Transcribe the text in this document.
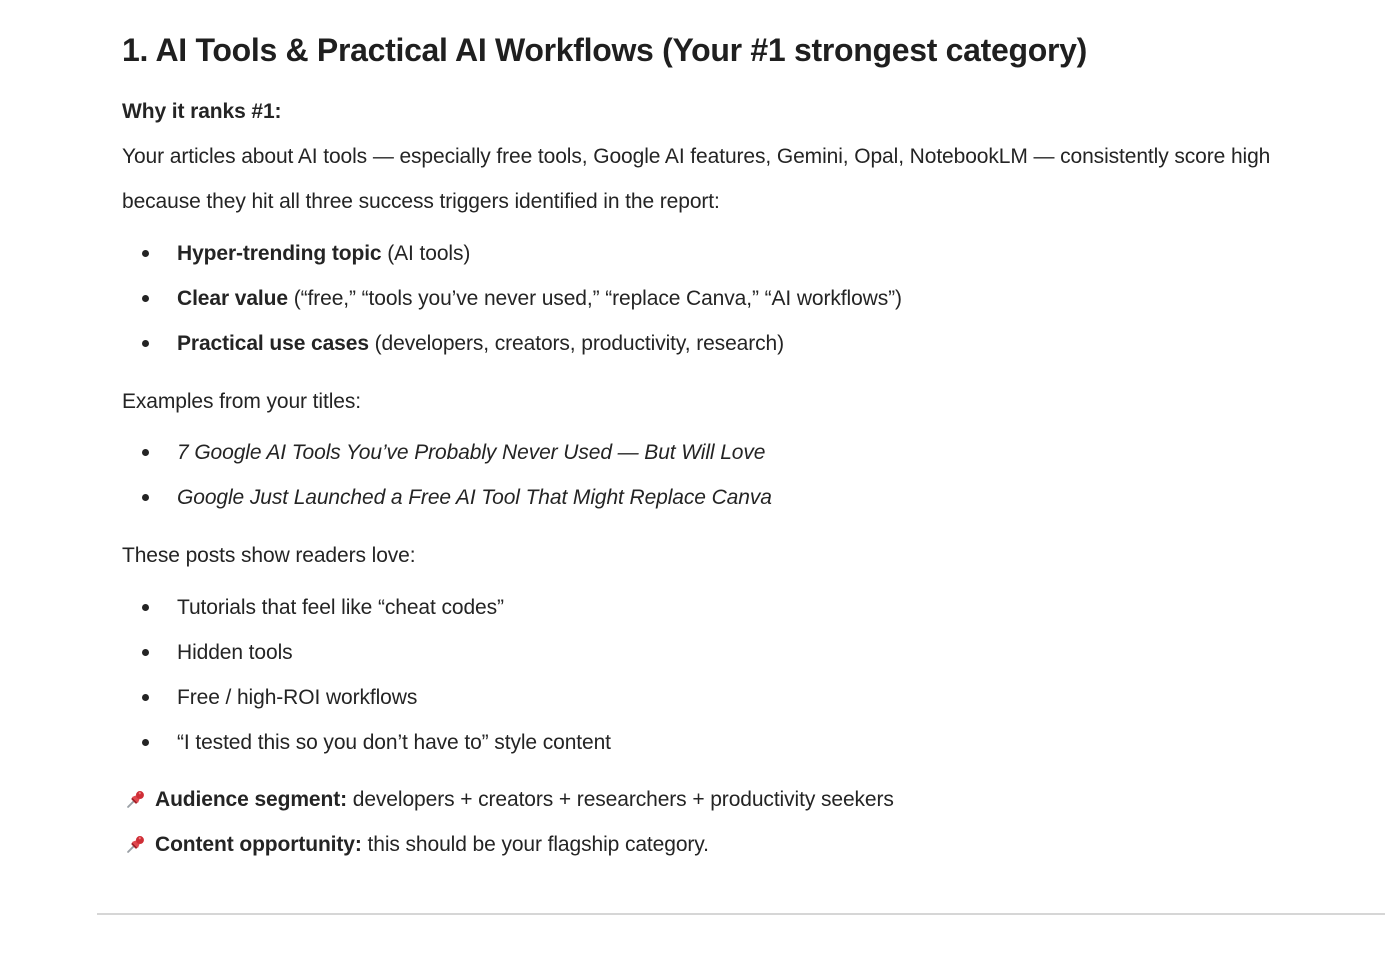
1. AI Tools & Practical AI Workflows (Your #1 strongest category)

Why it ranks #1:

Your articles about AI tools — especially free tools, Google AI features, Gemini, Opal, NotebookLM — consistently score high because they hit all three success triggers identified in the report:

Hyper-trending topic (AI tools)
Clear value (“free,” “tools you’ve never used,” “replace Canva,” “AI workflows”)
Practical use cases (developers, creators, productivity, research)

Examples from your titles:

7 Google AI Tools You’ve Probably Never Used — But Will Love
Google Just Launched a Free AI Tool That Might Replace Canva

These posts show readers love:

Tutorials that feel like “cheat codes”
Hidden tools
Free / high-ROI workflows
“I tested this so you don’t have to” style content
Audience segment: developers + creators + researchers + productivity seekers
Content opportunity: this should be your flagship category.
